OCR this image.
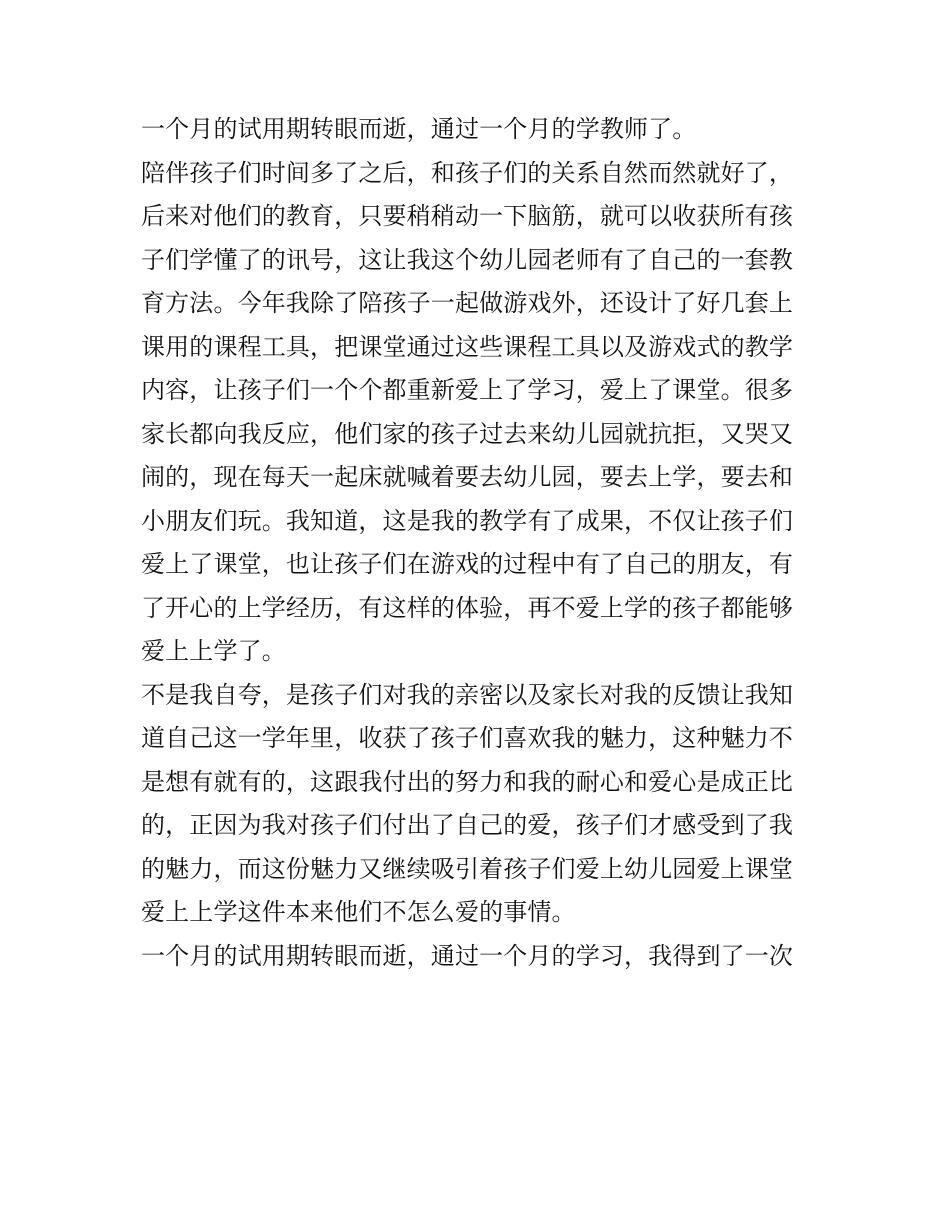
一个月的试用期转眼而逝，通过一个月的学教师了。
陪伴孩子们时间多了之后，和孩子们的关系自然而然就好了，
后来对他们的教育，只要稍稍动一下脑筋，就可以收获所有孩
子们学懂了的讯号，这让我这个幼儿园老师有了自己的一套教
育方法。今年我除了陪孩子一起做游戏外，还设计了好几套上
课用的课程工具，把课堂通过这些课程工具以及游戏式的教学
内容，让孩子们一个个都重新爱上了学习，爱上了课堂。很多
家长都向我反应，他们家的孩子过去来幼儿园就抗拒，又哭又
闹的，现在每天一起床就喊着要去幼儿园，要去上学，要去和
小朋友们玩。我知道，这是我的教学有了成果，不仅让孩子们
爱上了课堂，也让孩子们在游戏的过程中有了自己的朋友，有
了开心的上学经历，有这样的体验，再不爱上学的孩子都能够
爱上上学了。
不是我自夸，是孩子们对我的亲密以及家长对我的反馈让我知
道自己这一学年里，收获了孩子们喜欢我的魅力，这种魅力不
是想有就有的，这跟我付出的努力和我的耐心和爱心是成正比
的，正因为我对孩子们付出了自己的爱，孩子们才感受到了我
的魅力，而这份魅力又继续吸引着孩子们爱上幼儿园爱上课堂
爱上上学这件本来他们不怎么爱的事情。
一个月的试用期转眼而逝，通过一个月的学习，我得到了一次
